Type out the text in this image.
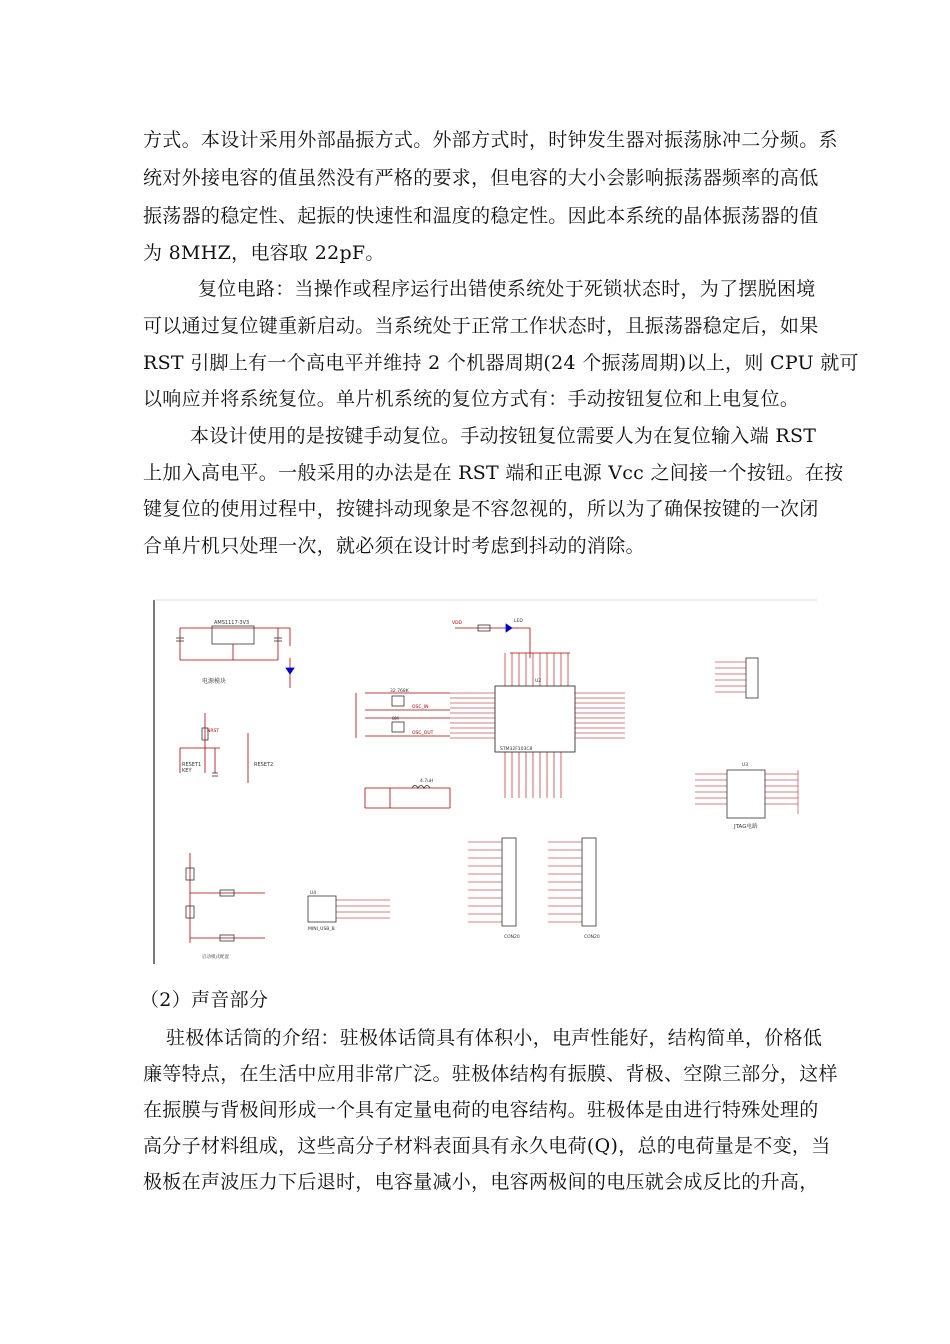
方式。本设计采用外部晶振方式。外部方式时，时钟发生器对振荡脉冲二分频。系
统对外接电容的值虽然没有严格的要求，但电容的大小会影响振荡器频率的高低
振荡器的稳定性、起振的快速性和温度的稳定性。因此本系统的晶体振荡器的值
为 8MHZ，电容取 22pF。
复位电路：当操作或程序运行出错使系统处于死锁状态时，为了摆脱困境
可以通过复位键重新启动。当系统处于正常工作状态时，且振荡器稳定后，如果
RST 引脚上有一个高电平并维持 2 个机器周期(24 个振荡周期)以上，则 CPU 就可
以响应并将系统复位。单片机系统的复位方式有：手动按钮复位和上电复位。
本设计使用的是按键手动复位。手动按钮复位需要人为在复位输入端 RST
上加入高电平。一般采用的办法是在 RST 端和正电源 Vcc 之间接一个按钮。在按
键复位的使用过程中，按键抖动现象是不容忽视的，所以为了确保按键的一次闭
合单片机只处理一次，就必须在设计时考虑到抖动的消除。
AMS1117-3V3
电源模块
RESET1
KEY
RESET2
NRST
32.768K
8M
OSC_IN
OSC_OUT
VDD	LED
U2
STM32F103C8
4.7uH
CON20	CON20
U3
JTAG电路
启动模式配置
U4
MINI_USB_B
（2）声音部分
驻极体话筒的介绍：驻极体话筒具有体积小，电声性能好，结构简单，价格低
廉等特点，在生活中应用非常广泛。驻极体结构有振膜、背极、空隙三部分，这样
在振膜与背极间形成一个具有定量电荷的电容结构。驻极体是由进行特殊处理的
高分子材料组成，这些高分子材料表面具有永久电荷(Q)，总的电荷量是不变，当
极板在声波压力下后退时，电容量减小，电容两极间的电压就会成反比的升高，
